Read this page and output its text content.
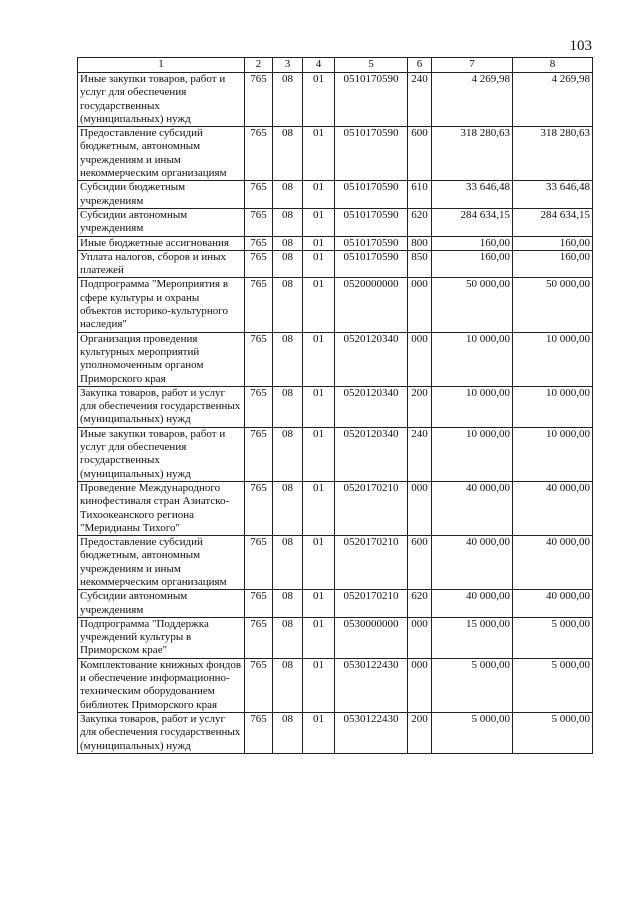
103
1	2	3	4	5	6	7	8
Иные закупки товаров, работ и услуг для обеспечения государственных (муниципальных) нужд	765	08	01	0510170590	240	4 269,98	4 269,98
Предоставление субсидий бюджетным, автономным учреждениям и иным некоммерческим организациям	765	08	01	0510170590	600	318 280,63	318 280,63
Субсидии бюджетным учреждениям	765	08	01	0510170590	610	33 646,48	33 646,48
Субсидии автономным учреждениям	765	08	01	0510170590	620	284 634,15	284 634,15
Иные бюджетные ассигнования	765	08	01	0510170590	800	160,00	160,00
Уплата налогов, сборов и иных платежей	765	08	01	0510170590	850	160,00	160,00
Подпрограмма "Мероприятия в сфере культуры и охраны объектов историко-культурного наследия"	765	08	01	0520000000	000	50 000,00	50 000,00
Организация проведения культурных мероприятий уполномоченным органом Приморского края	765	08	01	0520120340	000	10 000,00	10 000,00
Закупка товаров, работ и услуг для обеспечения государственных (муниципальных) нужд	765	08	01	0520120340	200	10 000,00	10 000,00
Иные закупки товаров, работ и услуг для обеспечения государственных (муниципальных) нужд	765	08	01	0520120340	240	10 000,00	10 000,00
Проведение Международного кинофестиваля стран Азиатско-Тихоокеанского региона "Меридианы Тихого"	765	08	01	0520170210	000	40 000,00	40 000,00
Предоставление субсидий бюджетным, автономным учреждениям и иным некоммерческим организациям	765	08	01	0520170210	600	40 000,00	40 000,00
Субсидии автономным учреждениям	765	08	01	0520170210	620	40 000,00	40 000,00
Подпрограмма "Поддержка учреждений культуры в Приморском крае"	765	08	01	0530000000	000	15 000,00	5 000,00
Комплектование книжных фондов и обеспечение информационно-техническим оборудованием библиотек Приморского края	765	08	01	0530122430	000	5 000,00	5 000,00
Закупка товаров, работ и услуг для обеспечения государственных (муниципальных) нужд	765	08	01	0530122430	200	5 000,00	5 000,00
